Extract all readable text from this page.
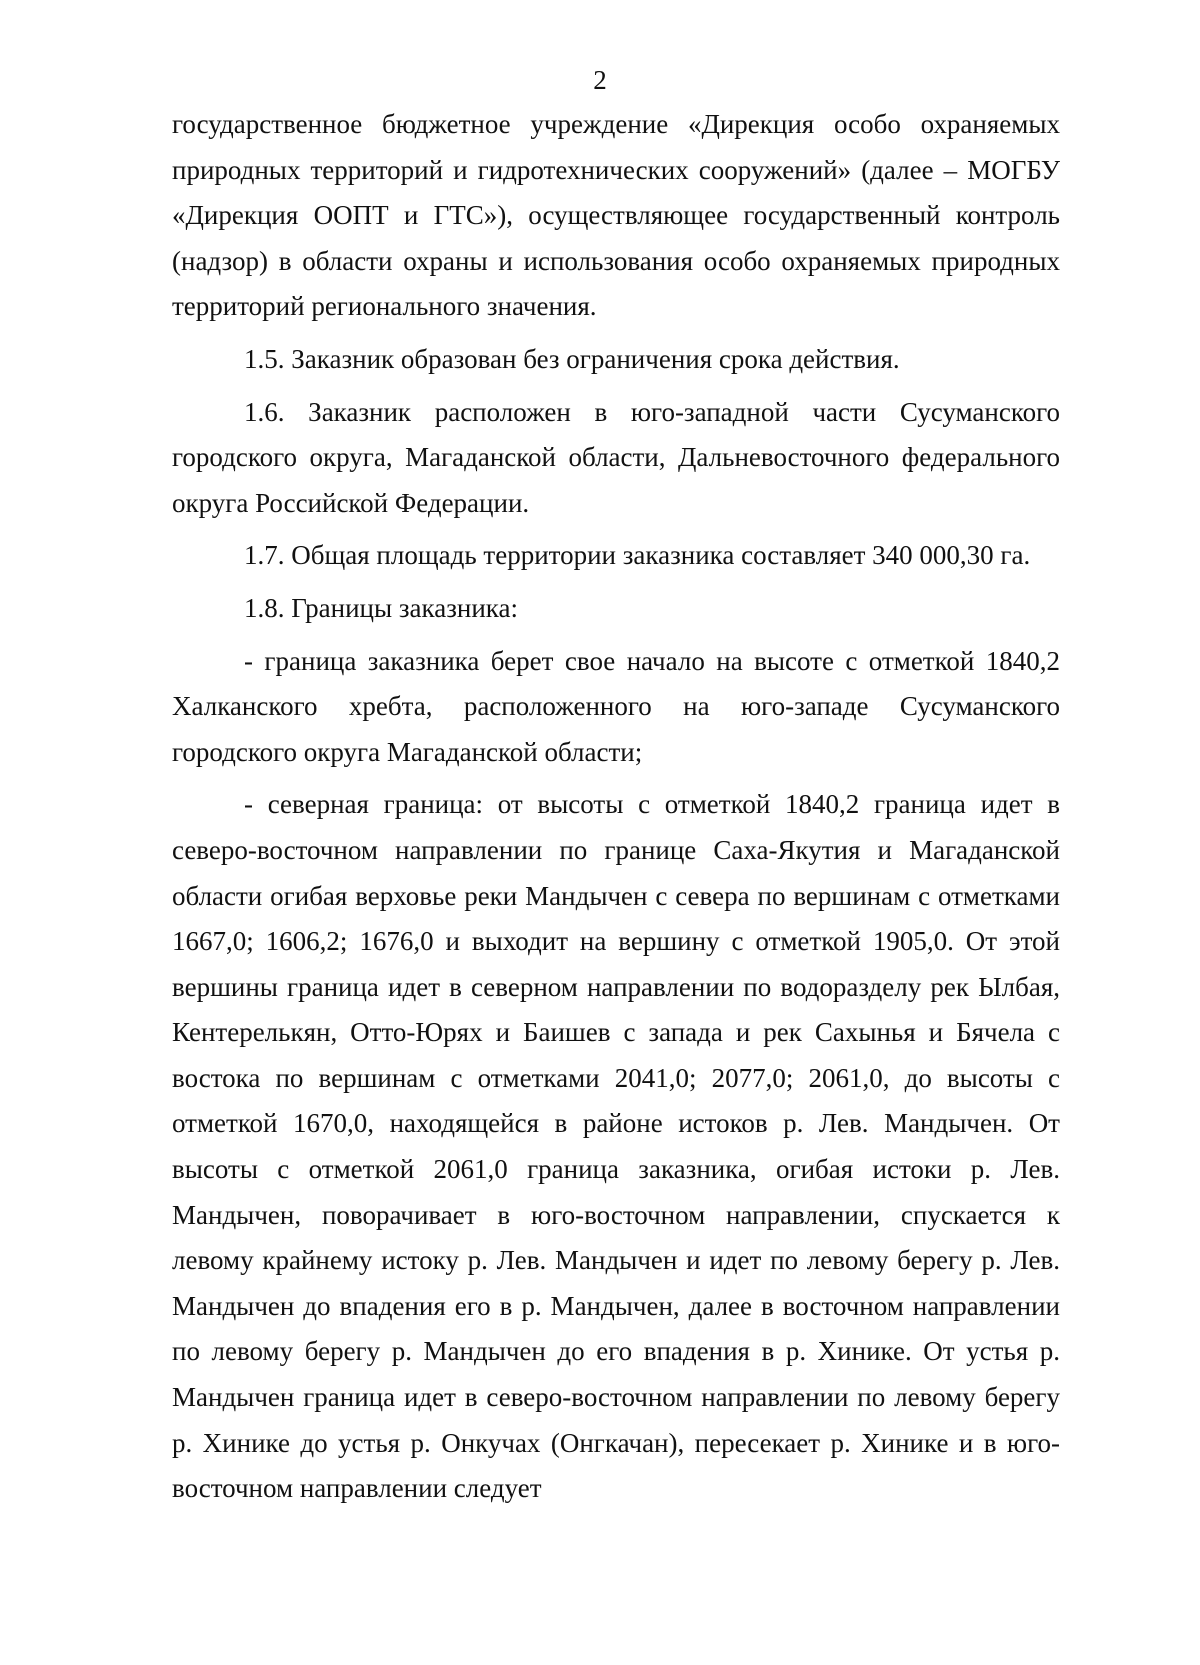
2

государственное бюджетное учреждение «Дирекция особо охраняемых природных территорий и гидротехнических сооружений» (далее – МОГБУ «Дирекция ООПТ и ГТС»), осуществляющее государственный контроль (надзор) в области охраны и использования особо охраняемых природных территорий регионального значения.

1.5. Заказник образован без ограничения срока действия.

1.6. Заказник расположен в юго-западной части Сусуманского городского округа, Магаданской области, Дальневосточного федерального округа Российской Федерации.

1.7. Общая площадь территории заказника составляет 340 000,30 га.

1.8. Границы заказника:

- граница заказника берет свое начало на высоте с отметкой 1840,2 Халканского хребта, расположенного на юго-западе Сусуманского городского округа Магаданской области;

- северная граница: от высоты с отметкой 1840,2 граница идет в северо-восточном направлении по границе Саха-Якутия и Магаданской области огибая верховье реки Мандычен с севера по вершинам с отметками 1667,0; 1606,2; 1676,0 и выходит на вершину с отметкой 1905,0. От этой вершины граница идет в северном направлении по водоразделу рек Ылбая, Кентерелькян, Отто-Юрях и Баишев с запада и рек Сахынья и Бячела с востока по вершинам с отметками 2041,0; 2077,0; 2061,0, до высоты с отметкой 1670,0, находящейся в районе истоков р. Лев. Мандычен. От высоты с отметкой 2061,0 граница заказника, огибая истоки р. Лев. Мандычен, поворачивает в юго-восточном направлении, спускается к левому крайнему истоку р. Лев. Мандычен и идет по левому берегу р. Лев. Мандычен до впадения его в р. Мандычен, далее в восточном направлении по левому берегу р. Мандычен до его впадения в р. Хинике. От устья р. Мандычен граница идет в северо-восточном направлении по левому берегу р. Хинике до устья р. Онкучах (Онгкачан), пересекает р. Хинике и в юго-восточном направлении следует
